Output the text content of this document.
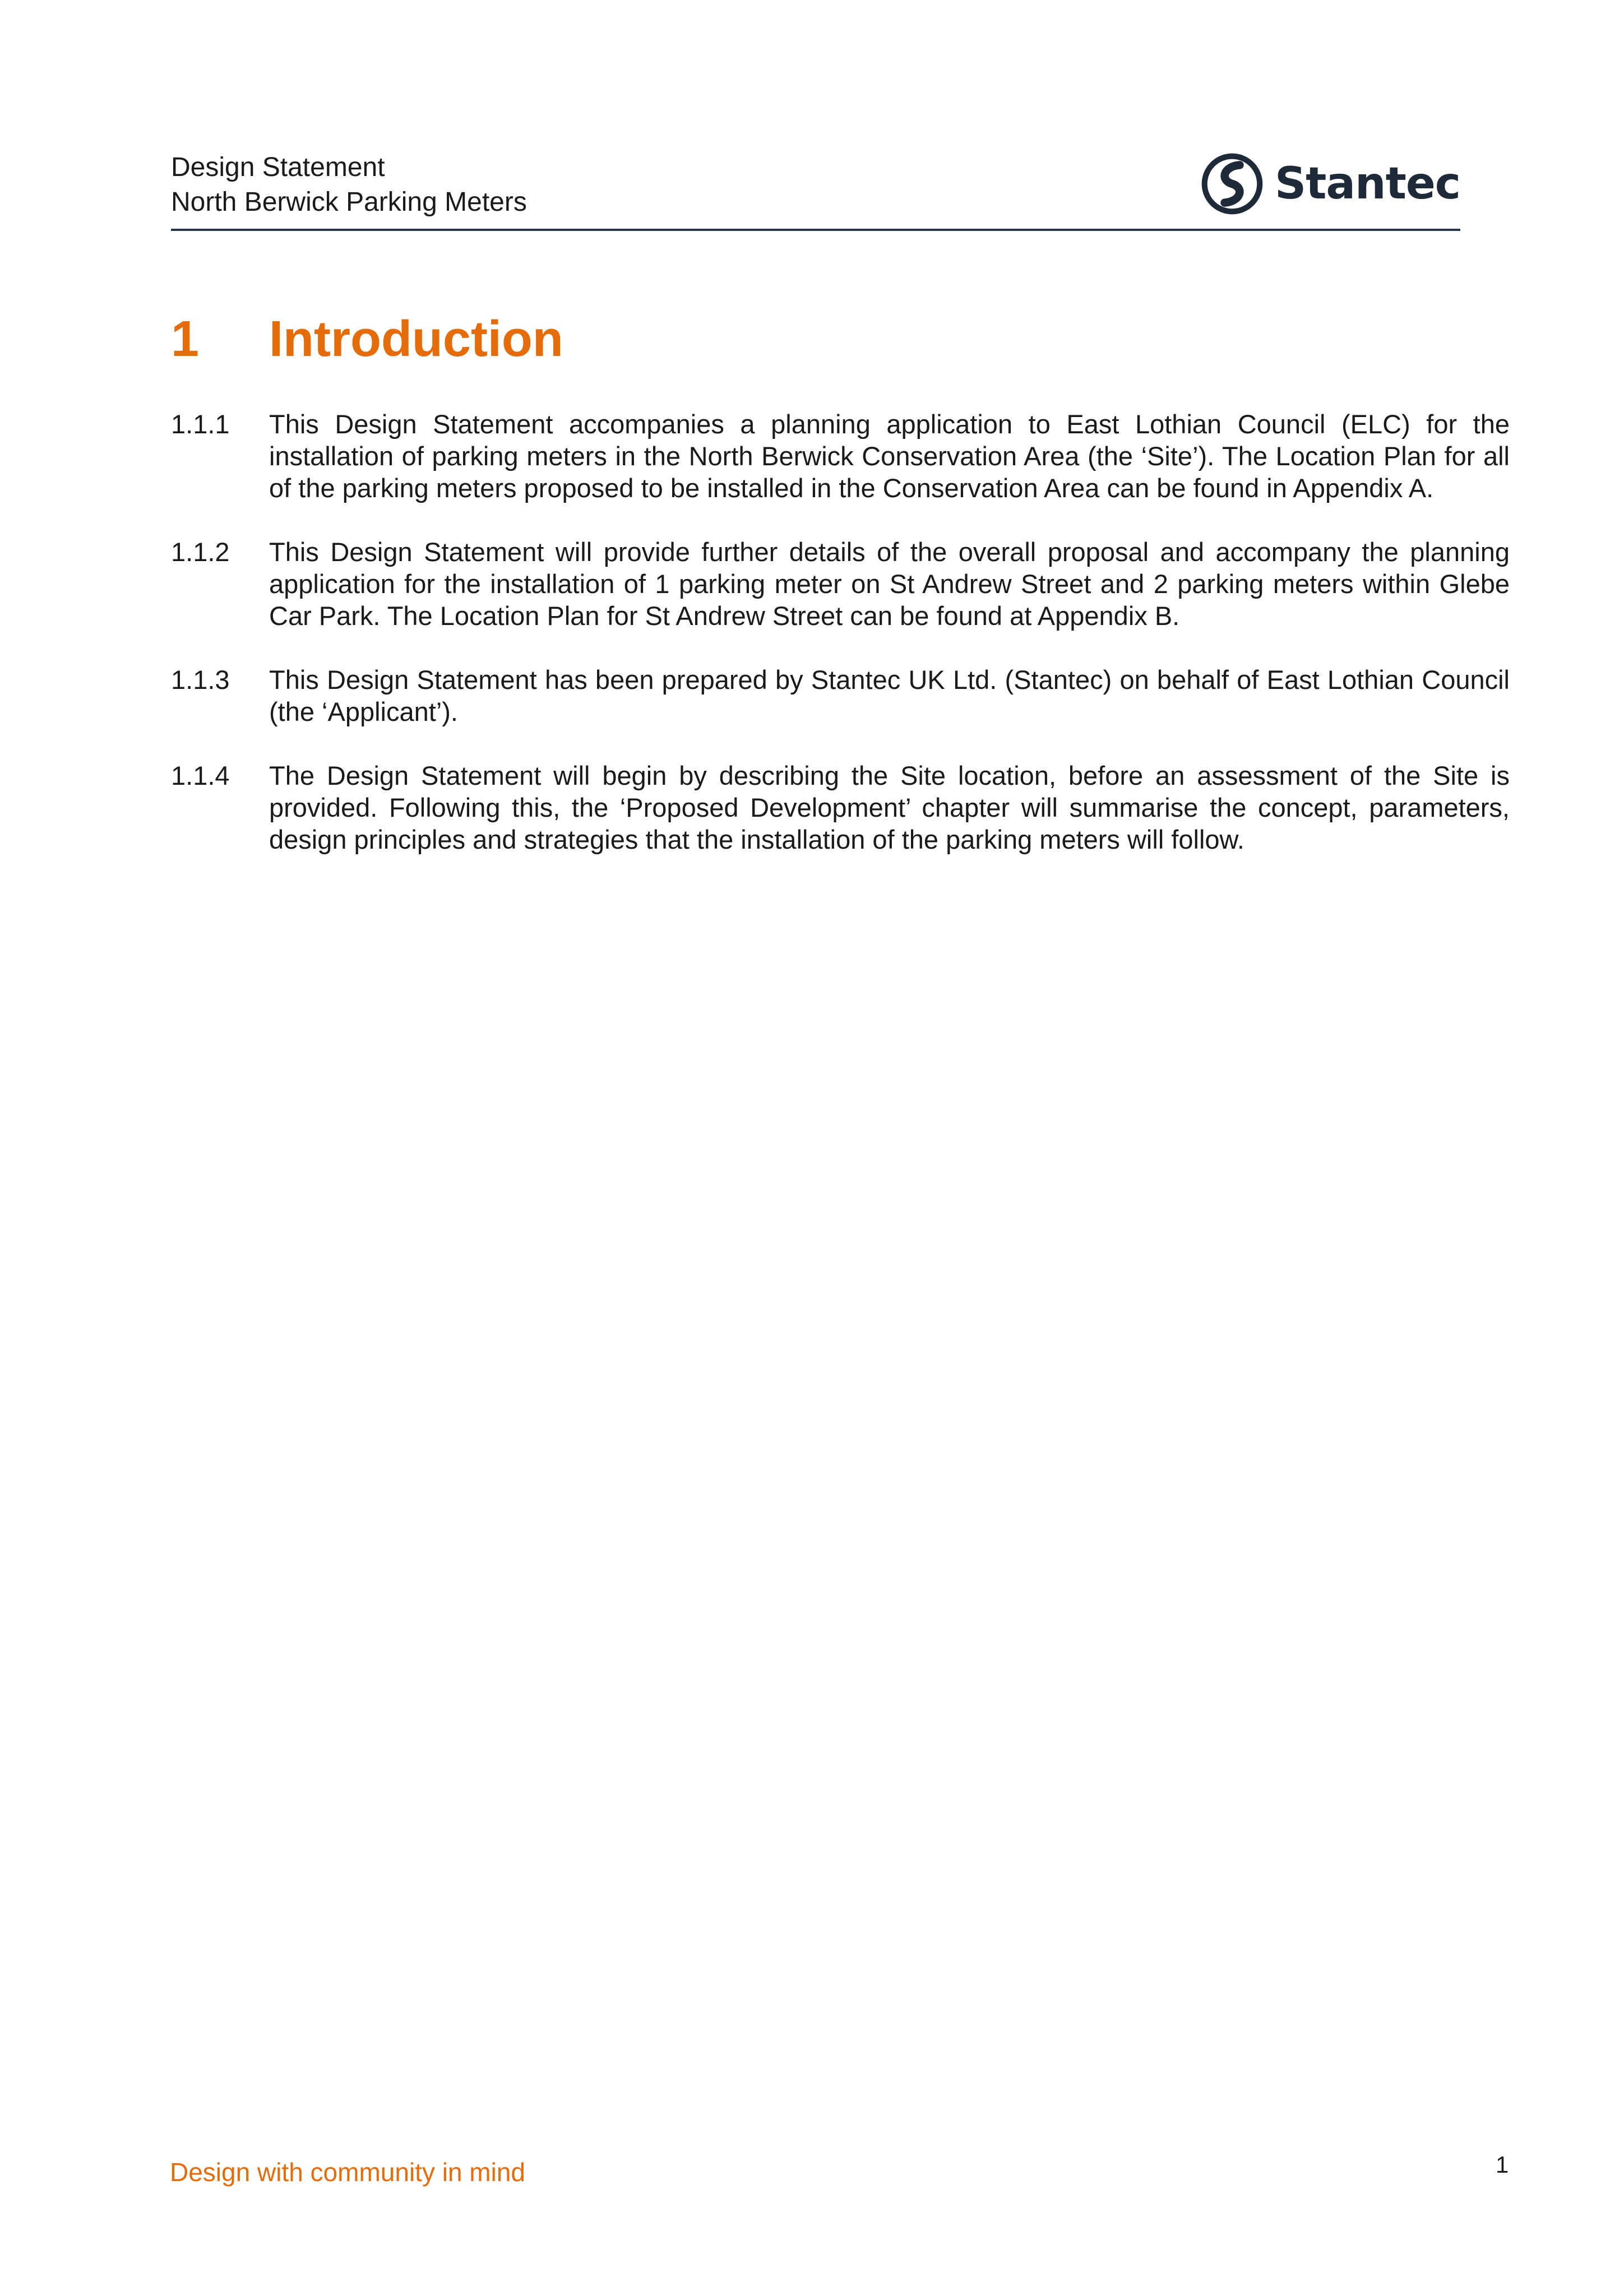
Design Statement
North Berwick Parking Meters	Stantec
1 Introduction
1.1.1	This Design Statement accompanies a planning application to East Lothian Council (ELC) for the installation of parking meters in the North Berwick Conservation Area (the ‘Site’). The Location Plan for all of the parking meters proposed to be installed in the Conservation Area can be found in Appendix A.
1.1.2	This Design Statement will provide further details of the overall proposal and accompany the planning application for the installation of 1 parking meter on St Andrew Street and 2 parking meters within Glebe Car Park. The Location Plan for St Andrew Street can be found at Appendix B.
1.1.3	This Design Statement has been prepared by Stantec UK Ltd. (Stantec) on behalf of East Lothian Council (the ‘Applicant’).
1.1.4	The Design Statement will begin by describing the Site location, before an assessment of the Site is provided. Following this, the ‘Proposed Development’ chapter will summarise the concept, parameters, design principles and strategies that the installation of the parking meters will follow.
Design with community in mind	1
